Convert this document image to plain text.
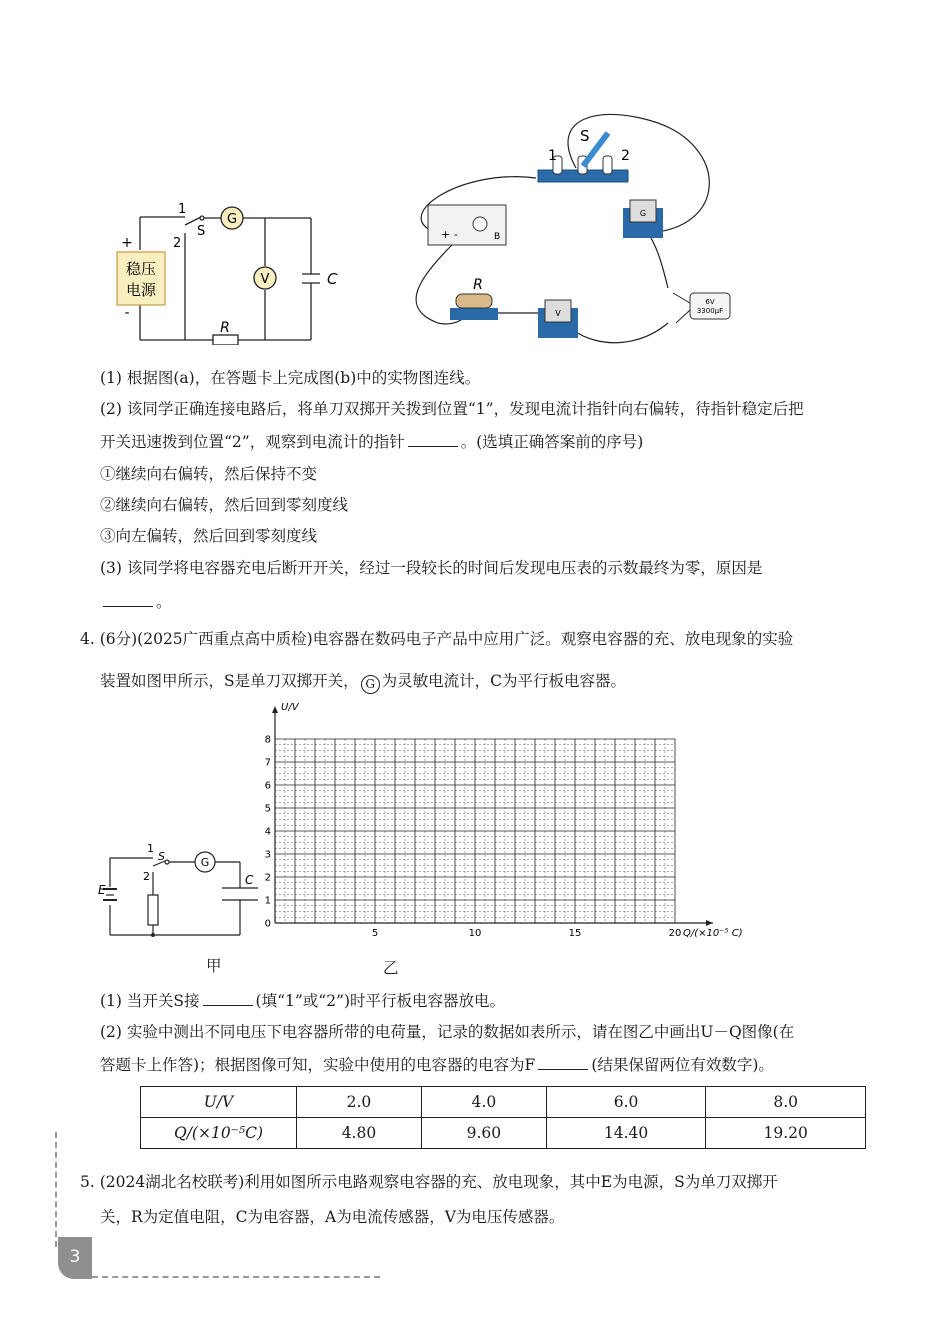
稳压
电源
+
-
1
2
S
G
V	C
R
S
1	2
+ -	B
G
R
V
6V
3300μF
(1) 根据图(a)，在答题卡上完成图(b)中的实物图连线。
(2) 该同学正确连接电路后，将单刀双掷开关拨到位置“1”，发现电流计指针向右偏转，待指针稳定后把
开关迅速拨到位置“2”，观察到电流计的指针	。(选填正确答案前的序号)
①继续向右偏转，然后保持不变
②继续向右偏转，然后回到零刻度线
③向左偏转，然后回到零刻度线
(3) 该同学将电容器充电后断开开关，经过一段较长的时间后发现电压表的示数最终为零，原因是
。
4. (6分)(2025广西重点高中质检)电容器在数码电子产品中应用广泛。观察电容器的充、放电现象的实验
装置如图甲所示，S是单刀双掷开关， G 为灵敏电流计，C为平行板电容器。
G
E
S
C
1
2
甲	乙
0
1
2
3
4
5
6
7
8
5	10	15	20
U/V
Q/(×10⁻⁵ C)
(1) 当开关S接	(填“1”或“2”)时平行板电容器放电。
(2) 实验中测出不同电压下电容器所带的电荷量，记录的数据如表所示，请在图乙中画出U－Q图像(在
答题卡上作答)；根据图像可知，实验中使用的电容器的电容为F	(结果保留两位有效数字)。
U/V	2.0	4.0	6.0	8.0
Q/(×10⁻⁵C)	4.80	9.60	14.40	19.20
5. (2024湖北名校联考)利用如图所示电路观察电容器的充、放电现象，其中E为电源，S为单刀双掷开
关，R为定值电阻，C为电容器，A为电流传感器，V为电压传感器。
3
